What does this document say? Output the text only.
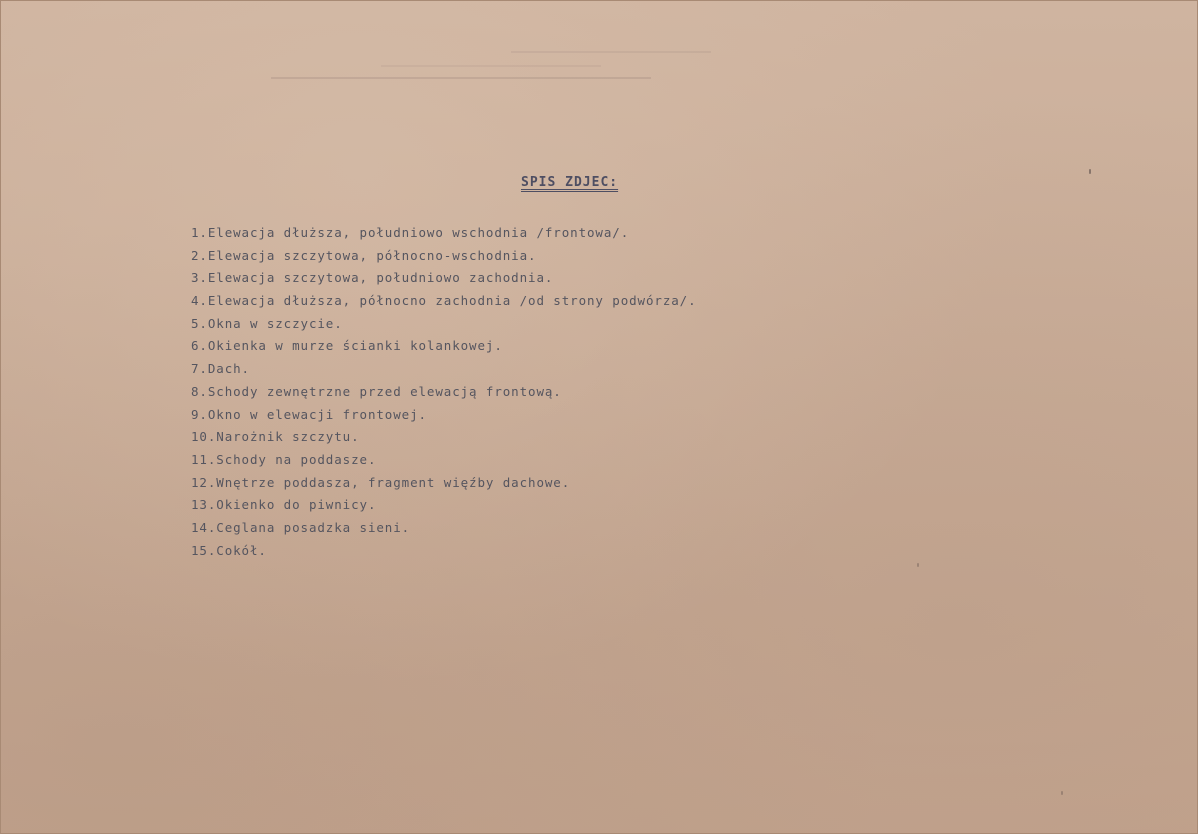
SPIS ZDJEC:
1.Elewacja dłuższa, południowo wschodnia /frontowa/.
2.Elewacja szczytowa, północno-wschodnia.
3.Elewacja szczytowa, południowo zachodnia.
4.Elewacja dłuższa, północno zachodnia /od strony podwórza/.
5.Okna w szczycie.
6.Okienka w murze ścianki kolankowej.
7.Dach.
8.Schody zewnętrzne przed elewacją frontową.
9.Okno w elewacji frontowej.
10.Narożnik szczytu.
11.Schody na poddasze.
12.Wnętrze poddasza, fragment więźby dachowe.
13.Okienko do piwnicy.
14.Ceglana posadzka sieni.
15.Cokół.
